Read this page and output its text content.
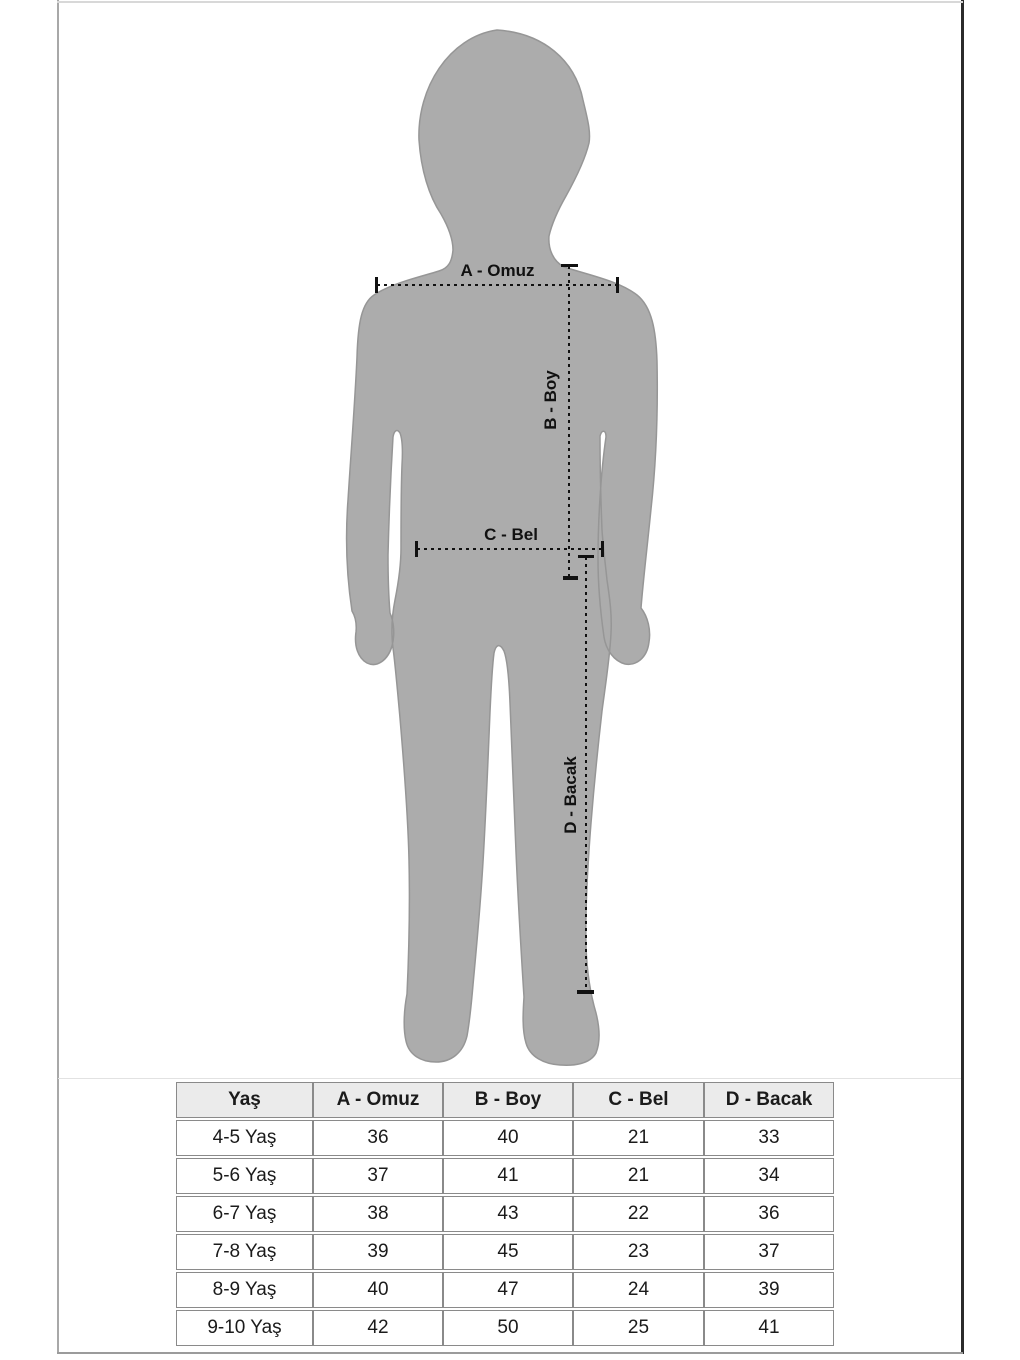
A - Omuz
B - Boy
C - Bel
D - Bacak
Yaş	A - Omuz	B - Boy	C - Bel	D - Bacak
4-5 Yaş	36	40	21	33
5-6 Yaş	37	41	21	34
6-7 Yaş	38	43	22	36
7-8 Yaş	39	45	23	37
8-9 Yaş	40	47	24	39
9-10 Yaş	42	50	25	41
